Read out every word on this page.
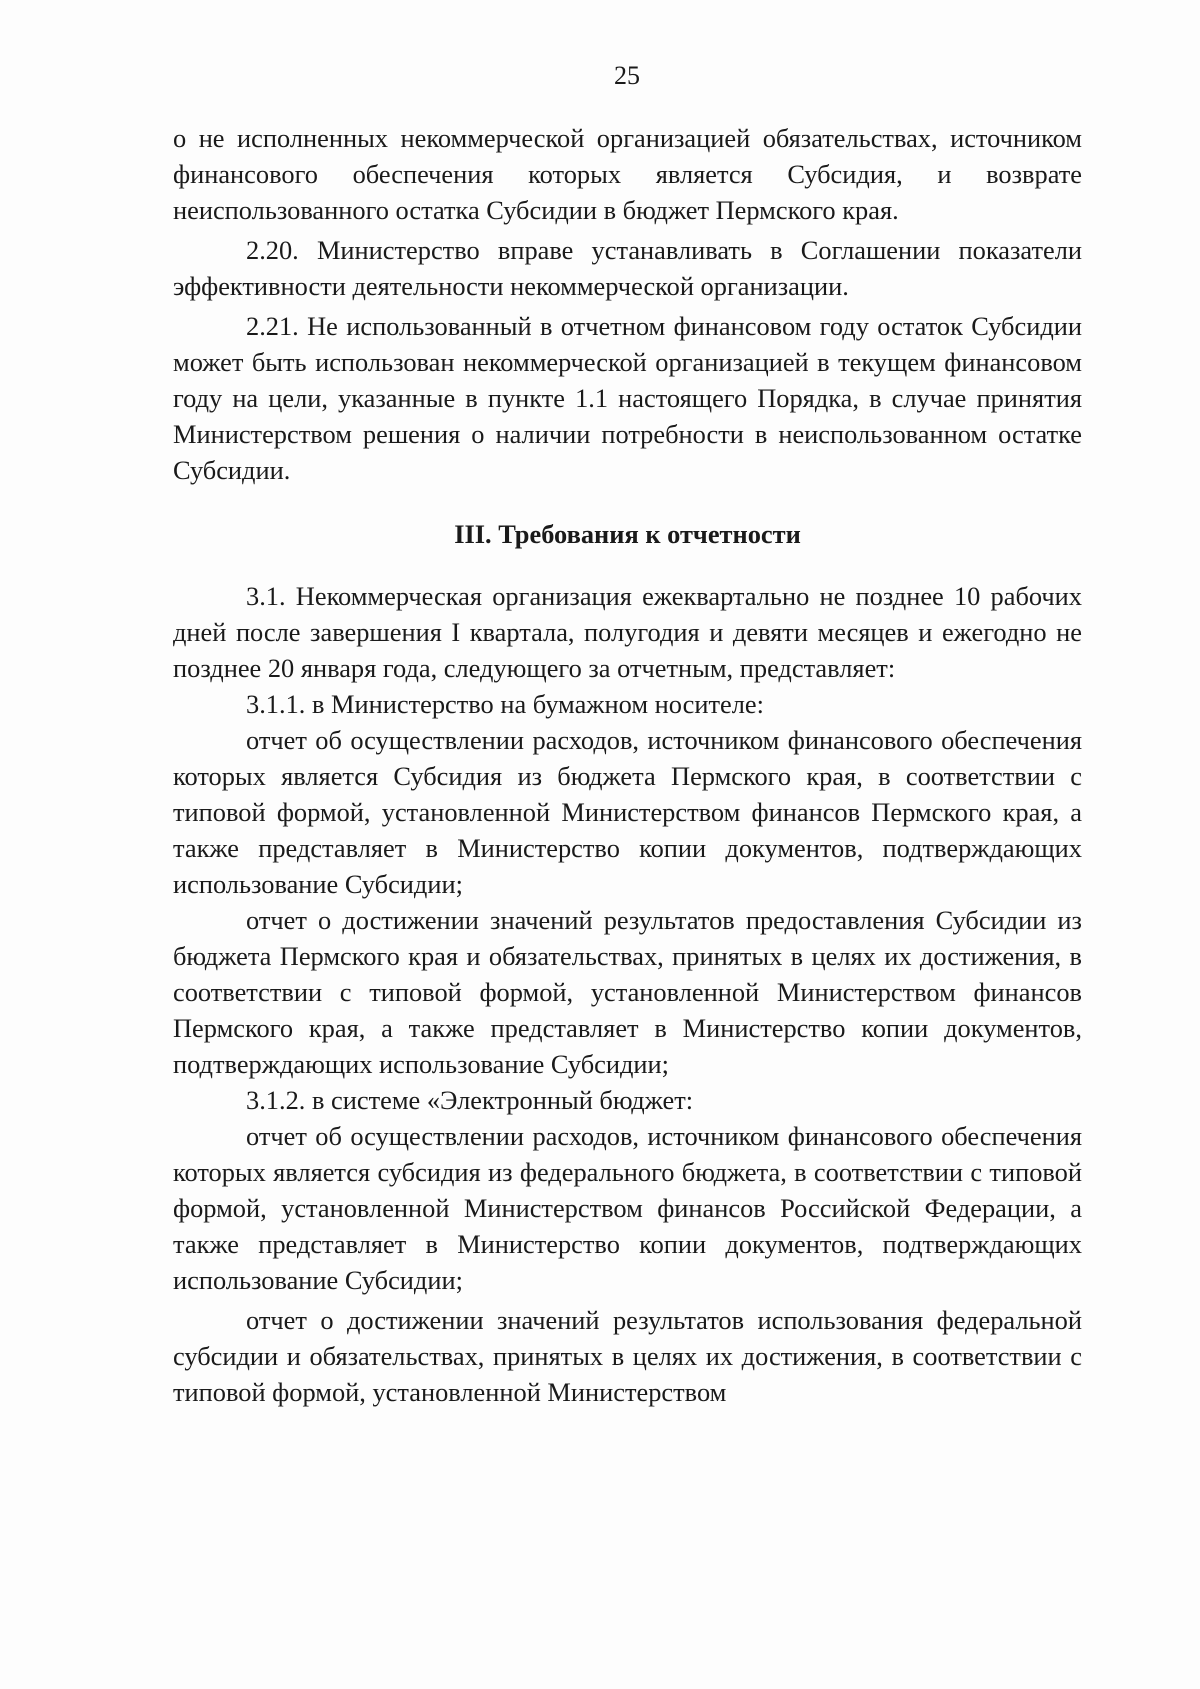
25

о не исполненных некоммерческой организацией обязательствах, источником финансового обеспечения которых является Субсидия, и возврате неиспользованного остатка Субсидии в бюджет Пермского края.

2.20. Министерство вправе устанавливать в Соглашении показатели эффективности деятельности некоммерческой организации.

2.21. Не использованный в отчетном финансовом году остаток Субсидии может быть использован некоммерческой организацией в текущем финансовом году на цели, указанные в пункте 1.1 настоящего Порядка, в случае принятия Министерством решения о наличии потребности в неиспользованном остатке Субсидии.

III. Требования к отчетности

3.1. Некоммерческая организация ежеквартально не позднее 10 рабочих дней после завершения I квартала, полугодия и девяти месяцев и ежегодно не позднее 20 января года, следующего за отчетным, представляет:

3.1.1. в Министерство на бумажном носителе:

отчет об осуществлении расходов, источником финансового обеспечения которых является Субсидия из бюджета Пермского края, в соответствии с типовой формой, установленной Министерством финансов Пермского края, а также представляет в Министерство копии документов, подтверждающих использование Субсидии;

отчет о достижении значений результатов предоставления Субсидии из бюджета Пермского края и обязательствах, принятых в целях их достижения, в соответствии с типовой формой, установленной Министерством финансов Пермского края, а также представляет в Министерство копии документов, подтверждающих использование Субсидии;

3.1.2. в системе «Электронный бюджет:

отчет об осуществлении расходов, источником финансового обеспечения которых является субсидия из федерального бюджета, в соответствии с типовой формой, установленной Министерством финансов Российской Федерации, а также представляет в Министерство копии документов, подтверждающих использование Субсидии;

отчет о достижении значений результатов использования федеральной субсидии и обязательствах, принятых в целях их достижения, в соответствии с типовой формой, установленной Министерством
